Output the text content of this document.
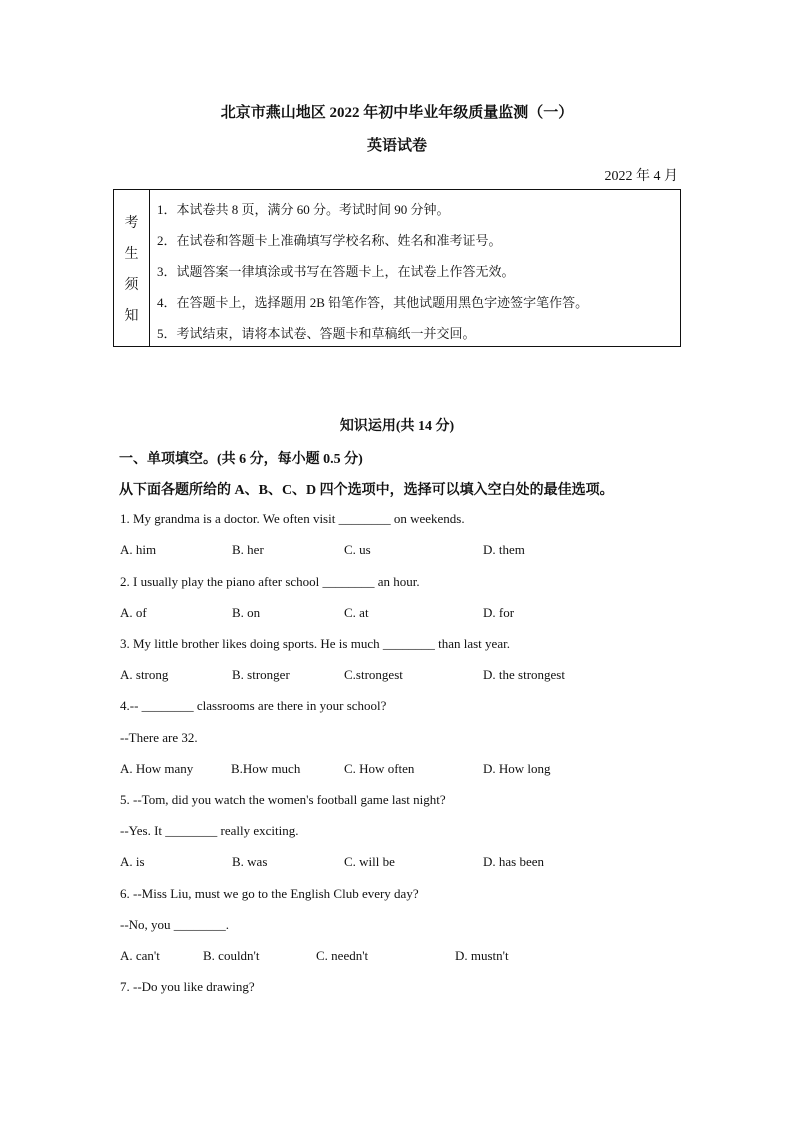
北京市燕山地区 2022 年初中毕业年级质量监测（一）
英语试卷
2022 年 4 月
考
生
须
知
1．本试卷共 8 页，满分 60 分。考试时间 90 分钟。
2．在试卷和答题卡上准确填写学校名称、姓名和准考证号。
3．试题答案一律填涂或书写在答题卡上，在试卷上作答无效。
4．在答题卡上，选择题用 2B 铅笔作答，其他试题用黑色字迹签字笔作答。
5．考试结束，请将本试卷、答题卡和草稿纸一并交回。
知识运用(共 14 分)
一、单项填空。(共 6 分，每小题 0.5 分)
从下面各题所给的 A、B、C、D 四个选项中，选择可以填入空白处的最佳选项。
1. My grandma is a doctor. We often visit ________ on weekends.
A. him	B. her	C. us	D. them
2. I usually play the piano after school ________ an hour.
A. of	B. on	C. at	D. for
3. My little brother likes doing sports. He is much ________ than last year.
A. strong	B. stronger	C.strongest	D. the strongest
4.-- ________ classrooms are there in your school?
--There are 32.
A. How many	B.How much	C. How often	D. How long
5. --Tom, did you watch the women's football game last night?
--Yes. It ________ really exciting.
A. is	B. was	C. will be	D. has been
6. --Miss Liu, must we go to the English Club every day?
--No, you ________.
A. can't	B. couldn't	C. needn't	D. mustn't
7. --Do you like drawing?
